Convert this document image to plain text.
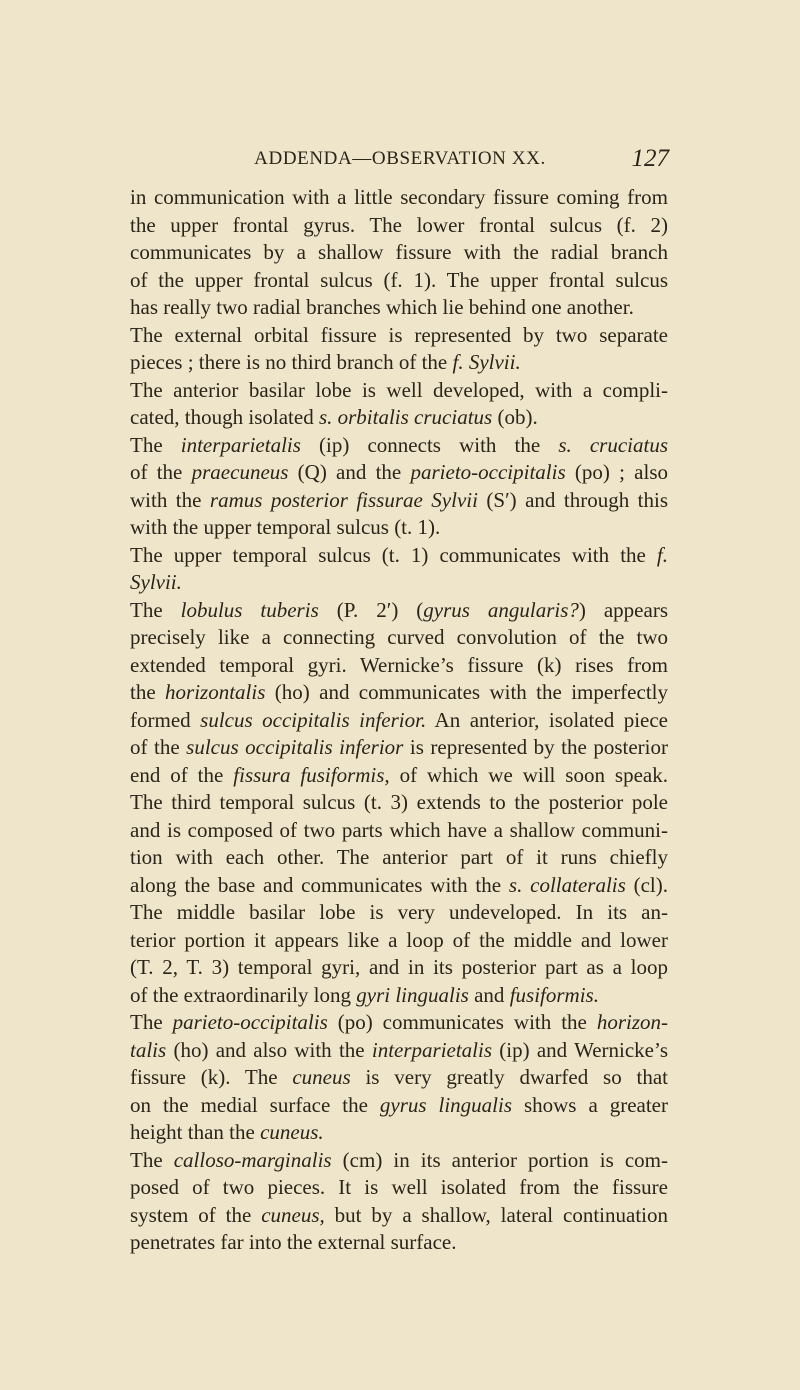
ADDENDA—OBSERVATION XX.	127
in communication with a little secondary fissure coming from
the upper frontal gyrus. The lower frontal sulcus (f. 2)
communicates by a shallow fissure with the radial branch
of the upper frontal sulcus (f. 1). The upper frontal sulcus
has really two radial branches which lie behind one another.
The external orbital fissure is represented by two separate
pieces ; there is no third branch of the f. Sylvii.
The anterior basilar lobe is well developed, with a compli-
cated, though isolated s. orbitalis cruciatus (ob).
The interparietalis (ip) connects with the s. cruciatus
of the praecuneus (Q) and the parieto-occipitalis (po) ; also
with the ramus posterior fissurae Sylvii (S′) and through this
with the upper temporal sulcus (t. 1).
The upper temporal sulcus (t. 1) communicates with the f.
Sylvii.
The lobulus tuberis (P. 2′) (gyrus angularis?) appears
precisely like a connecting curved convolution of the two
extended temporal gyri. Wernicke’s fissure (k) rises from
the horizontalis (ho) and communicates with the imperfectly
formed sulcus occipitalis inferior. An anterior, isolated piece
of the sulcus occipitalis inferior is represented by the posterior
end of the fissura fusiformis, of which we will soon speak.
The third temporal sulcus (t. 3) extends to the posterior pole
and is composed of two parts which have a shallow communi-
tion with each other. The anterior part of it runs chiefly
along the base and communicates with the s. collateralis (cl).
The middle basilar lobe is very undeveloped. In its an-
terior portion it appears like a loop of the middle and lower
(T. 2, T. 3) temporal gyri, and in its posterior part as a loop
of the extraordinarily long gyri lingualis and fusiformis.
The parieto-occipitalis (po) communicates with the horizon-
talis (ho) and also with the interparietalis (ip) and Wernicke’s
fissure (k). The cuneus is very greatly dwarfed so that
on the medial surface the gyrus lingualis shows a greater
height than the cuneus.
The calloso-marginalis (cm) in its anterior portion is com-
posed of two pieces. It is well isolated from the fissure
system of the cuneus, but by a shallow, lateral continuation
penetrates far into the external surface.
